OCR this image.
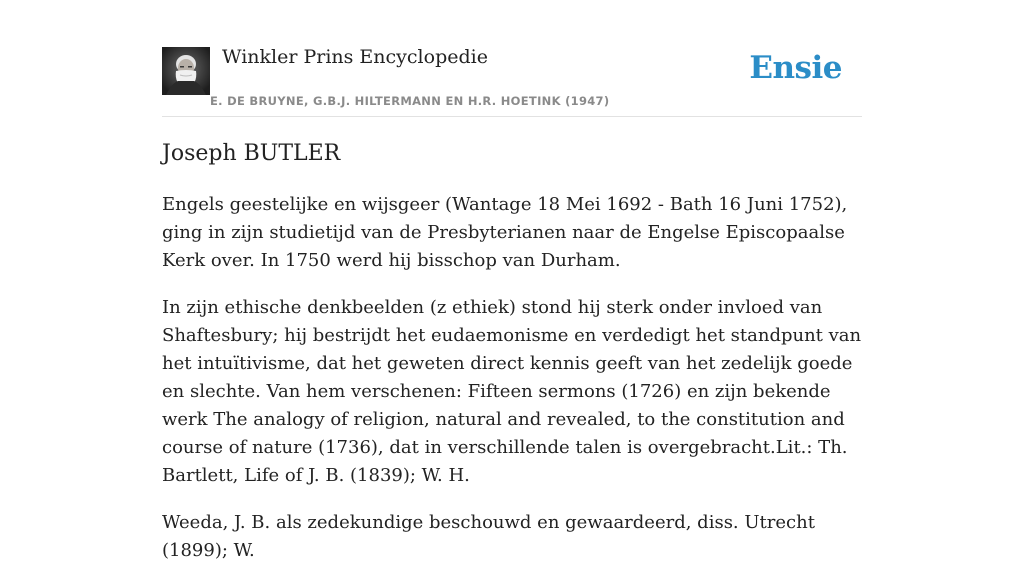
Winkler Prins Encyclopedie
E. DE BRUYNE, G.B.J. HILTERMANN EN H.R. HOETINK (1947)
Ensie
Joseph BUTLER

Engels geestelijke en wijsgeer (Wantage 18 Mei 1692 - Bath 16 Juni 1752), ging in zijn studietijd van de Presbyterianen naar de Engelse Episcopaalse Kerk over. In 1750 werd hij bisschop van Durham.

In zijn ethische denkbeelden (z ethiek) stond hij sterk onder invloed van Shaftesbury; hij bestrijdt het eudaemonisme en verdedigt het standpunt van het intuïtivisme, dat het geweten direct kennis geeft van het zedelijk goede en slechte. Van hem verschenen: Fifteen sermons (1726) en zijn bekende werk The analogy of religion, natural and revealed, to the constitution and course of nature (1736), dat in verschillende talen is overgebracht.Lit.: Th. Bartlett, Life of J. B. (1839); W. H.

Weeda, J. B. als zedekundige beschouwd en gewaardeerd, diss. Utrecht (1899); W.
